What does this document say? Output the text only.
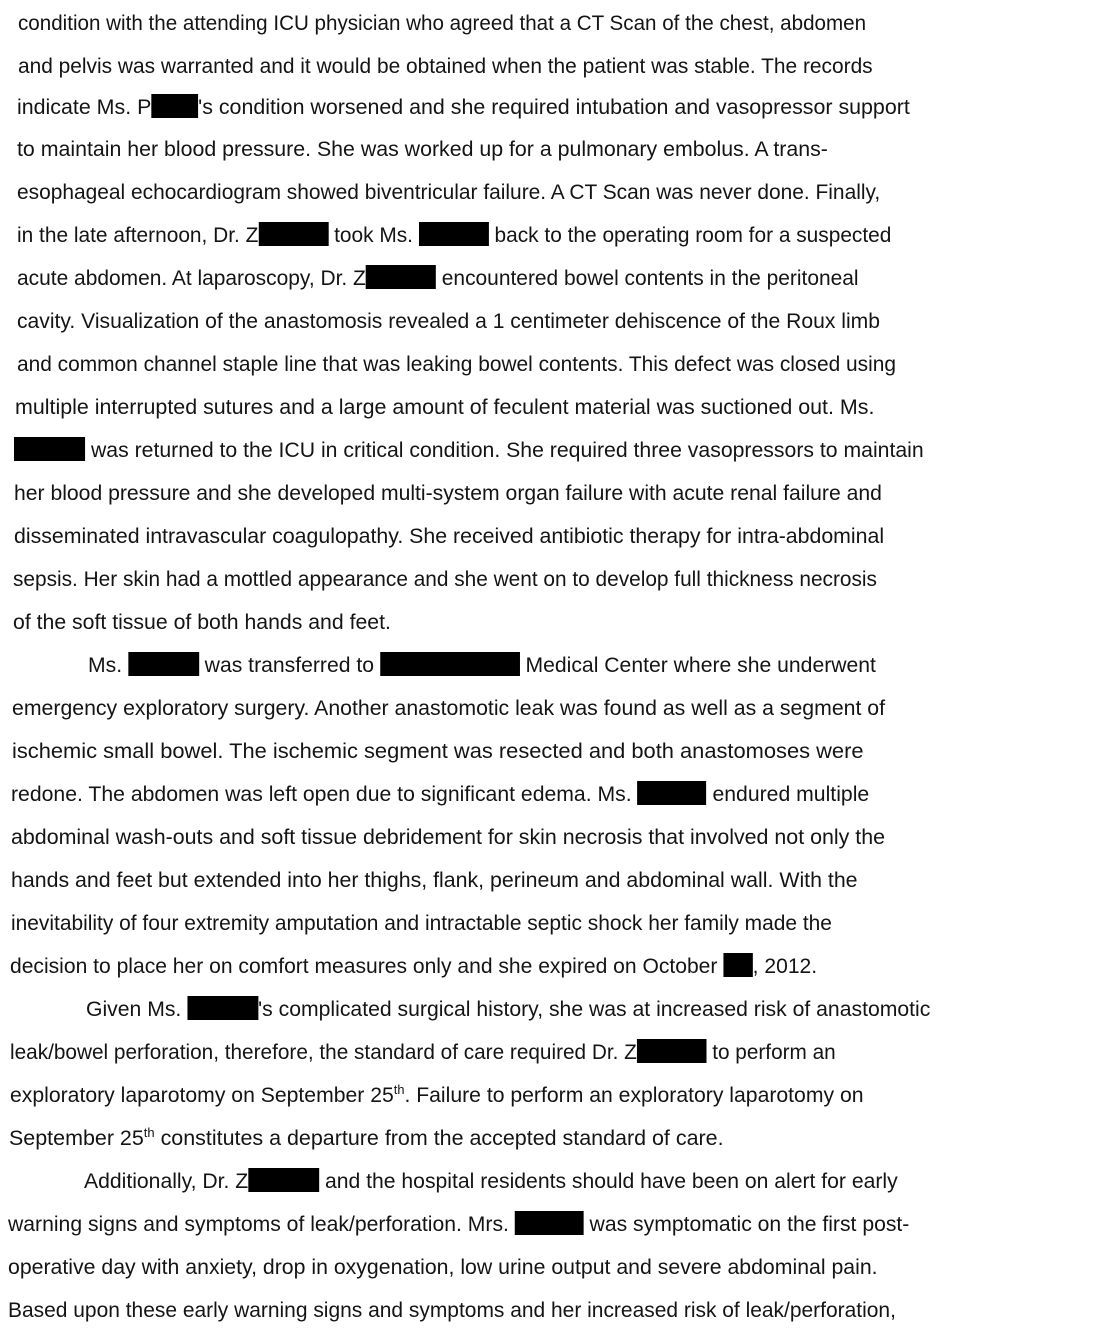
condition with the attending ICU physician who agreed that a CT Scan of the chest, abdomen
and pelvis was warranted and it would be obtained when the patient was stable. The records
indicate Ms. P 's condition worsened and she required intubation and vasopressor support
to maintain her blood pressure. She was worked up for a pulmonary embolus. A trans-
esophageal echocardiogram showed biventricular failure. A CT Scan was never done. Finally,
in the late afternoon, Dr. Z	took Ms.	back to the operating room for a suspected
acute abdomen. At laparoscopy, Dr. Z	encountered bowel contents in the peritoneal
cavity. Visualization of the anastomosis revealed a 1 centimeter dehiscence of the Roux limb
and common channel staple line that was leaking bowel contents. This defect was closed using
multiple interrupted sutures and a large amount of feculent material was suctioned out. Ms.
was returned to the ICU in critical condition. She required three vasopressors to maintain
her blood pressure and she developed multi-system organ failure with acute renal failure and
disseminated intravascular coagulopathy. She received antibiotic therapy for intra-abdominal
sepsis. Her skin had a mottled appearance and she went on to develop full thickness necrosis
of the soft tissue of both hands and feet.
Ms.	was transferred to	Medical Center where she underwent
emergency exploratory surgery. Another anastomotic leak was found as well as a segment of
ischemic small bowel. The ischemic segment was resected and both anastomoses were
redone. The abdomen was left open due to significant edema. Ms.	endured multiple
abdominal wash-outs and soft tissue debridement for skin necrosis that involved not only the
hands and feet but extended into her thighs, flank, perineum and abdominal wall. With the
inevitability of four extremity amputation and intractable septic shock her family made the
decision to place her on comfort measures only and she expired on October , 2012.
Given Ms.	's complicated surgical history, she was at increased risk of anastomotic
leak/bowel perforation, therefore, the standard of care required Dr. Z	to perform an
exploratory laparotomy on September 25th. Failure to perform an exploratory laparotomy on
September 25th constitutes a departure from the accepted standard of care.
Additionally, Dr. Z	and the hospital residents should have been on alert for early
warning signs and symptoms of leak/perforation. Mrs.	was symptomatic on the first post-
operative day with anxiety, drop in oxygenation, low urine output and severe abdominal pain.
Based upon these early warning signs and symptoms and her increased risk of leak/perforation,
